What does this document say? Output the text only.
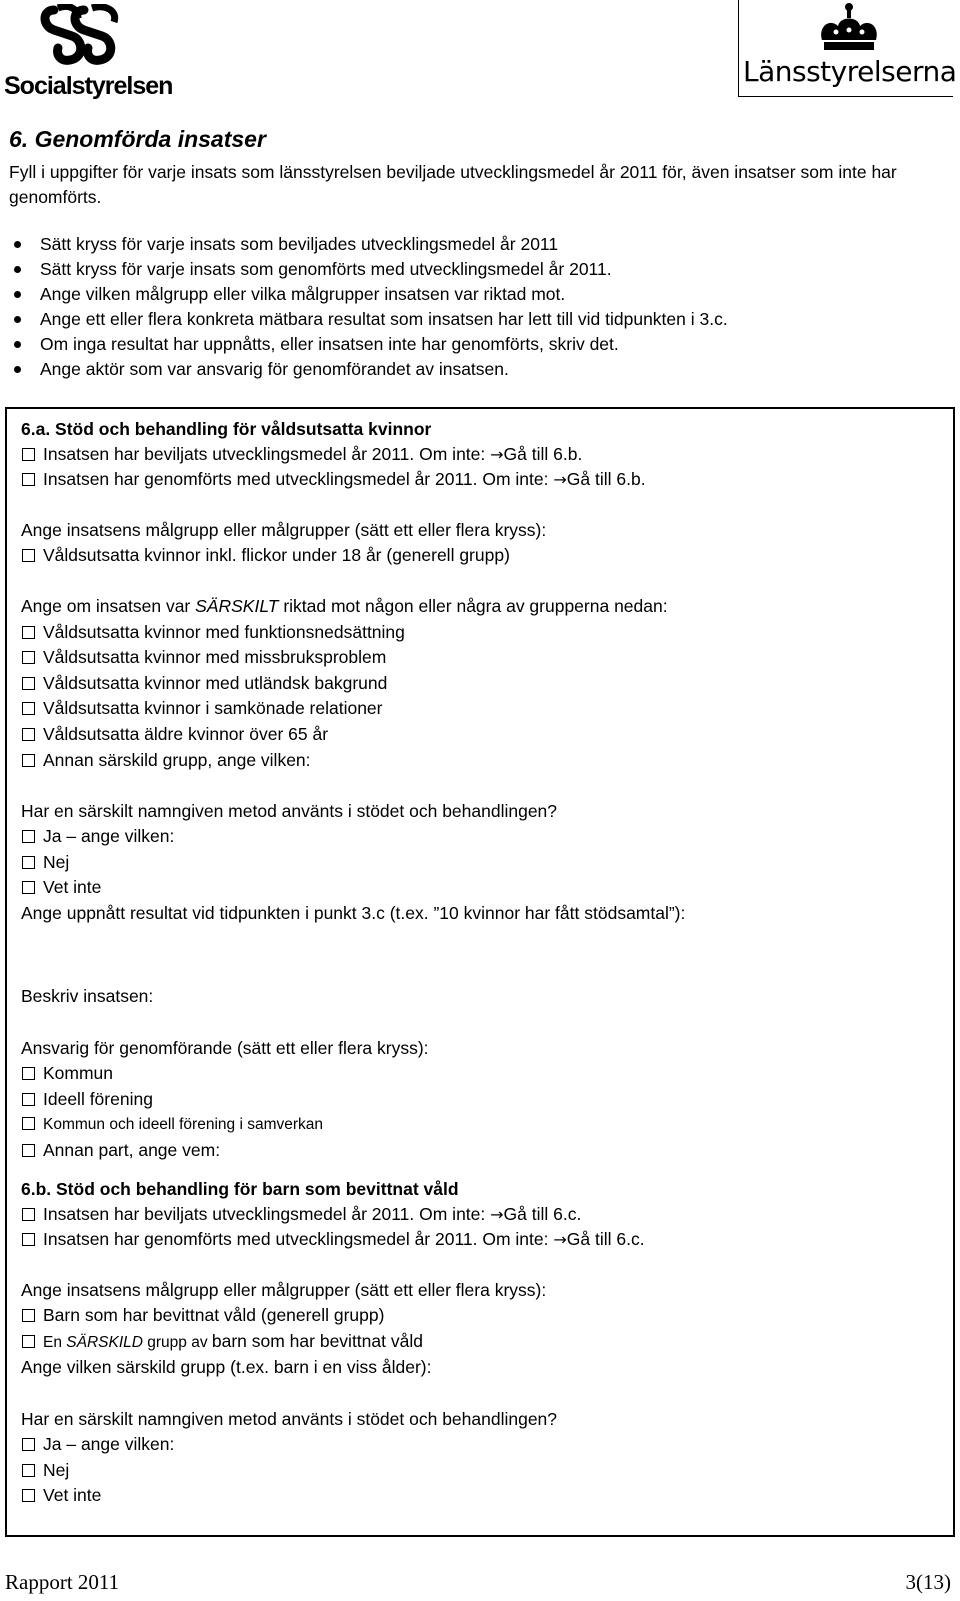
Socialstyrelsen	Länsstyrelserna
6. Genomförda insatser

Fyll i uppgifter för varje insats som länsstyrelsen beviljade utvecklingsmedel år 2011 för, även insatser som inte har genomförts.

Sätt kryss för varje insats som beviljades utvecklingsmedel år 2011
Sätt kryss för varje insats som genomförts med utvecklingsmedel år 2011.
Ange vilken målgrupp eller vilka målgrupper insatsen var riktad mot.
Ange ett eller flera konkreta mätbara resultat som insatsen har lett till vid tidpunkten i 3.c.
Om inga resultat har uppnåtts, eller insatsen inte har genomförts, skriv det.
Ange aktör som var ansvarig för genomförandet av insatsen.
6.a. Stöd och behandling för våldsutsatta kvinnor
Insatsen har beviljats utvecklingsmedel år 2011. Om inte: →Gå till 6.b.
Insatsen har genomförts med utvecklingsmedel år 2011. Om inte: →Gå till 6.b.
Ange insatsens målgrupp eller målgrupper (sätt ett eller flera kryss):
Våldsutsatta kvinnor inkl. flickor under 18 år (generell grupp)
Ange om insatsen var SÄRSKILT riktad mot någon eller några av grupperna nedan:
Våldsutsatta kvinnor med funktionsnedsättning
Våldsutsatta kvinnor med missbruksproblem
Våldsutsatta kvinnor med utländsk bakgrund
Våldsutsatta kvinnor i samkönade relationer
Våldsutsatta äldre kvinnor över 65 år
Annan särskild grupp, ange vilken:
Har en särskilt namngiven metod använts i stödet och behandlingen?
Ja – ange vilken:
Nej
Vet inte
Ange uppnått resultat vid tidpunkten i punkt 3.c (t.ex. ”10 kvinnor har fått stödsamtal”):
Beskriv insatsen:
Ansvarig för genomförande (sätt ett eller flera kryss):
Kommun
Ideell förening
Kommun och ideell förening i samverkan
Annan part, ange vem:
6.b. Stöd och behandling för barn som bevittnat våld
Insatsen har beviljats utvecklingsmedel år 2011. Om inte: →Gå till 6.c.
Insatsen har genomförts med utvecklingsmedel år 2011. Om inte: →Gå till 6.c.
Ange insatsens målgrupp eller målgrupper (sätt ett eller flera kryss):
Barn som har bevittnat våld (generell grupp)
En SÄRSKILD grupp av barn som har bevittnat våld
Ange vilken särskild grupp (t.ex. barn i en viss ålder):
Har en särskilt namngiven metod använts i stödet och behandlingen?
Ja – ange vilken:
Nej
Vet inte
Rapport 2011	3(13)
